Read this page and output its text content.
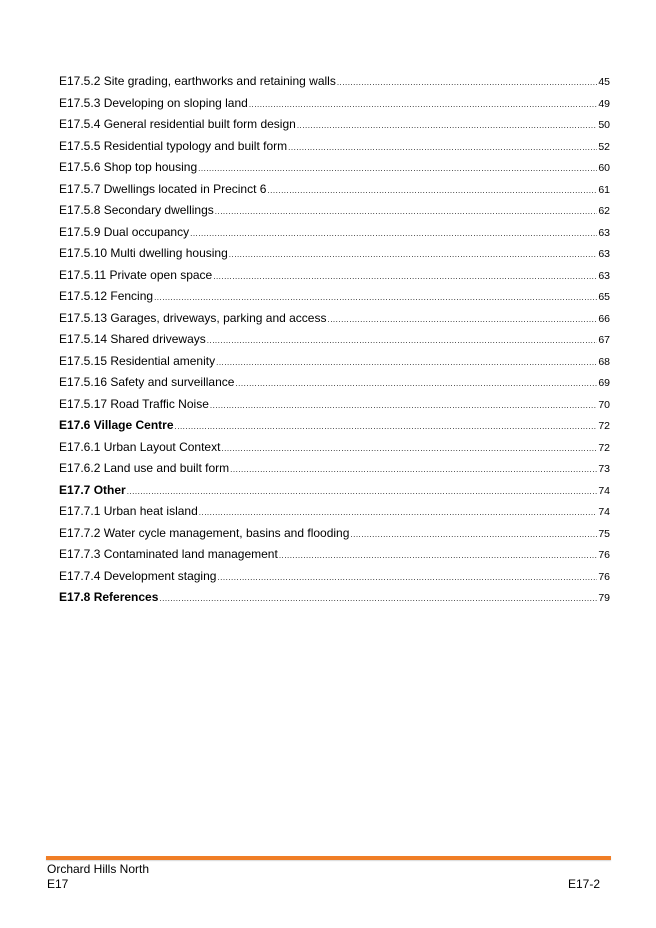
E17.5.2 Site grading, earthworks and retaining walls .....	45
E17.5.3 Developing on sloping land .....	49
E17.5.4 General residential built form design .....	50
E17.5.5 Residential typology and built form .....	52
E17.5.6 Shop top housing .....	60
E17.5.7 Dwellings located in Precinct 6 .....	61
E17.5.8 Secondary dwellings .....	62
E17.5.9 Dual occupancy .....	63
E17.5.10 Multi dwelling housing .....	63
E17.5.11 Private open space .....	63
E17.5.12 Fencing .....	65
E17.5.13 Garages, driveways, parking and access .....	66
E17.5.14 Shared driveways .....	67
E17.5.15 Residential amenity .....	68
E17.5.16 Safety and surveillance .....	69
E17.5.17 Road Traffic Noise .....	70
E17.6 Village Centre .....	72
E17.6.1 Urban Layout Context .....	72
E17.6.2 Land use and built form .....	73
E17.7 Other .....	74
E17.7.1 Urban heat island .....	74
E17.7.2 Water cycle management, basins and flooding .....	75
E17.7.3 Contaminated land management .....	76
E17.7.4 Development staging .....	76
E17.8 References .....	79
Orchard Hills North
E17	E17-2
